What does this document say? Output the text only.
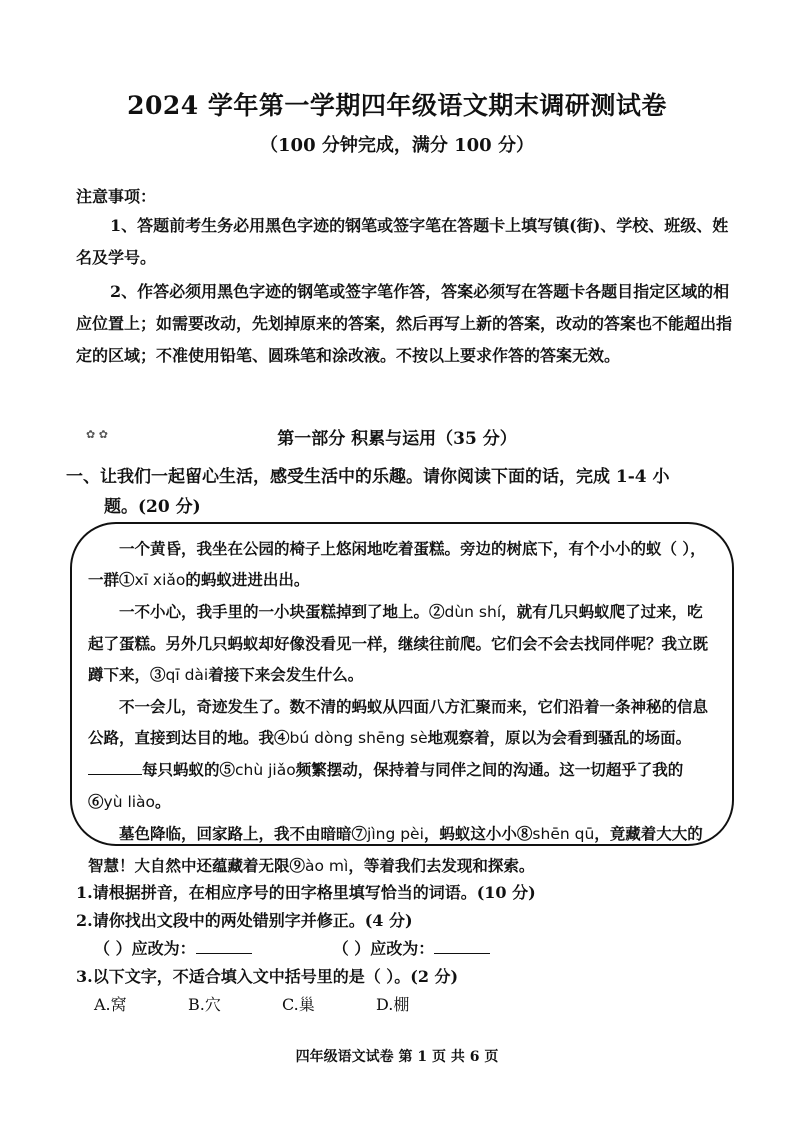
2024 学年第一学期四年级语文期末调研测试卷
（100 分钟完成，满分 100 分）
注意事项：
1、答题前考生务必用黑色字迹的钢笔或签字笔在答题卡上填写镇(街)、学校、班级、姓名及学号。
2、作答必须用黑色字迹的钢笔或签字笔作答，答案必须写在答题卡各题目指定区域的相应位置上；如需要改动，先划掉原来的答案，然后再写上新的答案，改动的答案也不能超出指定的区域；不准使用铅笔、圆珠笔和涂改液。不按以上要求作答的答案无效。
✿ ✿	第一部分 积累与运用（35 分）
一、让我们一起留心生活，感受生活中的乐趣。请你阅读下面的话，完成 1-4 小
题。(20 分)

一个黄昏，我坐在公园的椅子上悠闲地吃着蛋糕。旁边的树底下，有个小小的蚁（ ），一群①xī xiǎo的蚂蚁进进出出。

一不小心，我手里的一小块蛋糕掉到了地上。②dùn shí，就有几只蚂蚁爬了过来，吃起了蛋糕。另外几只蚂蚁却好像没看见一样，继续往前爬。它们会不会去找同伴呢？我立既蹲下来，③qī dài着接下来会发生什么。

不一会儿，奇迹发生了。数不清的蚂蚁从四面八方汇聚而来，它们沿着一条神秘的信息公路，直接到达目的地。我④bú dòng shēng sè地观察着，原以为会看到骚乱的场面。每只蚂蚁的⑤chù jiǎo频繁摆动，保持着与同伴之间的沟通。这一切超乎了我的⑥yù liào。

墓色降临，回家路上，我不由暗暗⑦jìng pèi，蚂蚁这小小⑧shēn qū，竟藏着大大的智慧！大自然中还蕴藏着无限⑨ào mì，等着我们去发现和探索。

1.请根据拼音，在相应序号的田字格里填写恰当的词语。(10 分)
2.请你找出文段中的两处错别字并修正。(4 分)
（ ）应改为：	（ ）应改为：
3.以下文字，不适合填入文中括号里的是（ ）。(2 分)
A.窝	B.穴	C.巢	D.棚
四年级语文试卷 第 1 页 共 6 页
